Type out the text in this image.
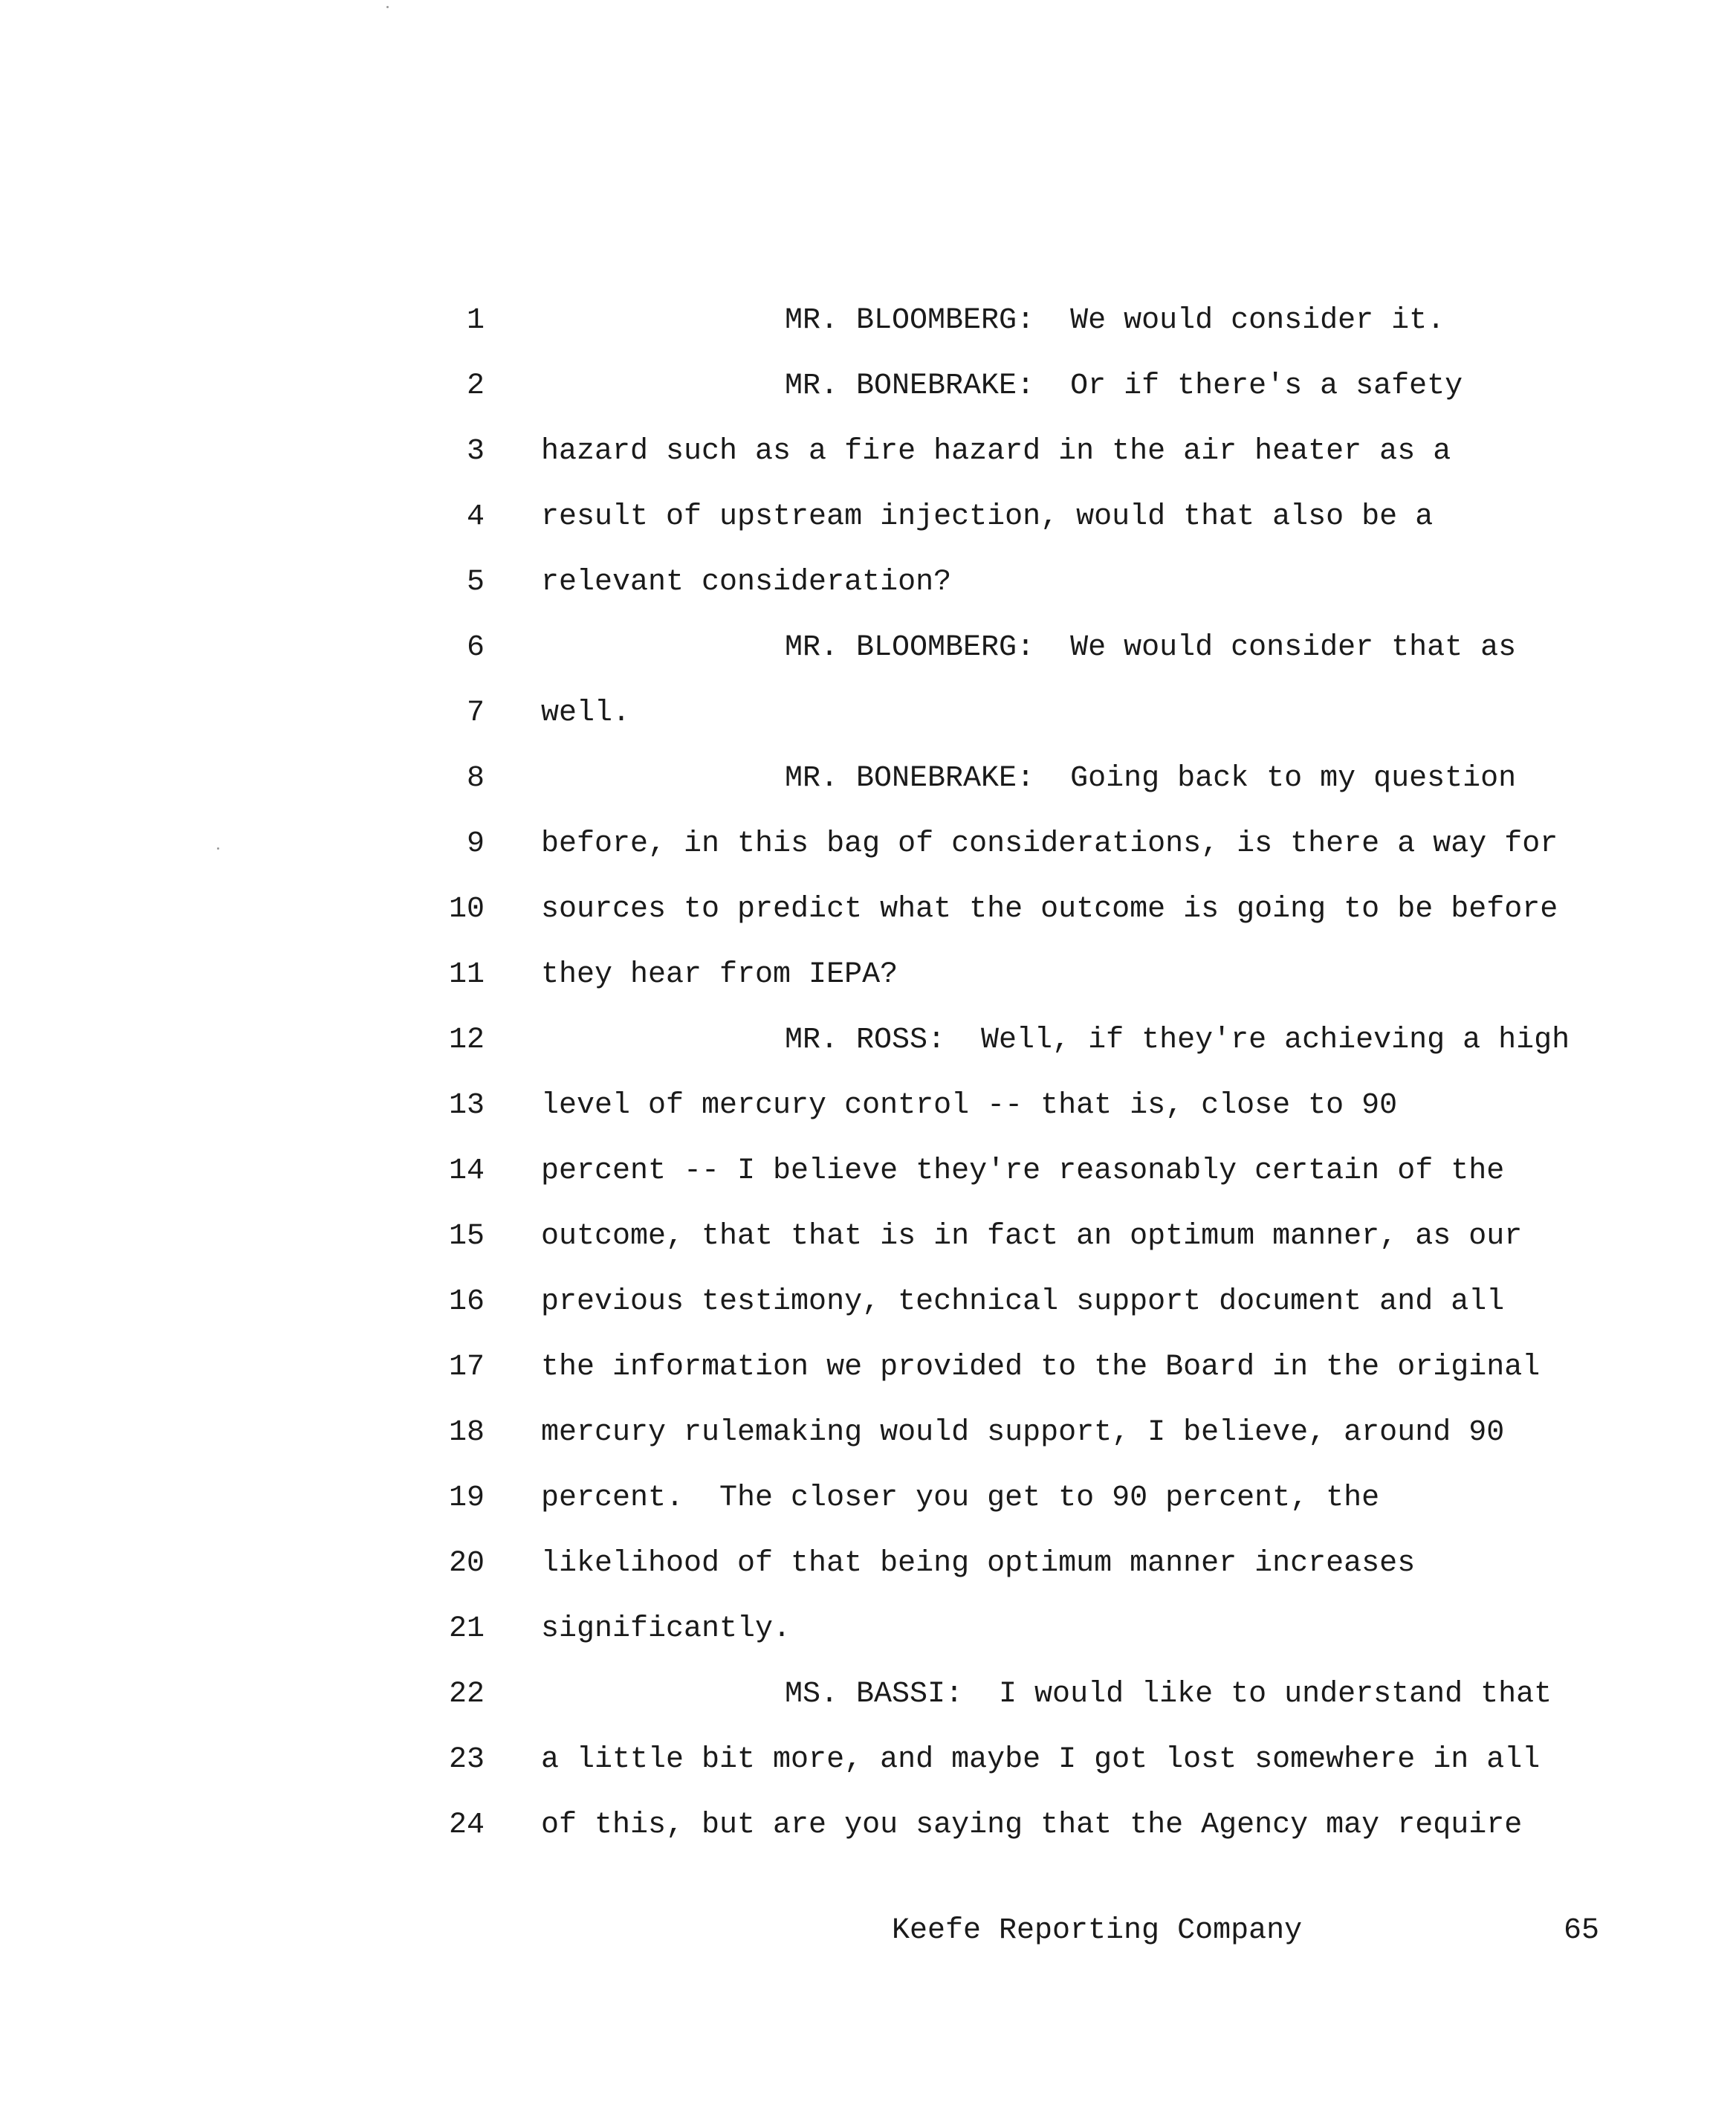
1	MR. BLOOMBERG:  We would consider it.
2	MR. BONEBRAKE:  Or if there's a safety
3 hazard such as a fire hazard in the air heater as a
4 result of upstream injection, would that also be a
5 relevant consideration?
6	MR. BLOOMBERG:  We would consider that as
7 well.
8	MR. BONEBRAKE:  Going back to my question
9 before, in this bag of considerations, is there a way for
10 sources to predict what the outcome is going to be before
11 they hear from IEPA?
12	MR. ROSS:  Well, if they're achieving a high
13 level of mercury control -- that is, close to 90
14 percent -- I believe they're reasonably certain of the
15 outcome, that that is in fact an optimum manner, as our
16 previous testimony, technical support document and all
17 the information we provided to the Board in the original
18 mercury rulemaking would support, I believe, around 90
19 percent.  The closer you get to 90 percent, the
20 likelihood of that being optimum manner increases
21 significantly.
22	MS. BASSI:  I would like to understand that
23 a little bit more, and maybe I got lost somewhere in all
24 of this, but are you saying that the Agency may require
Keefe Reporting Company	65
